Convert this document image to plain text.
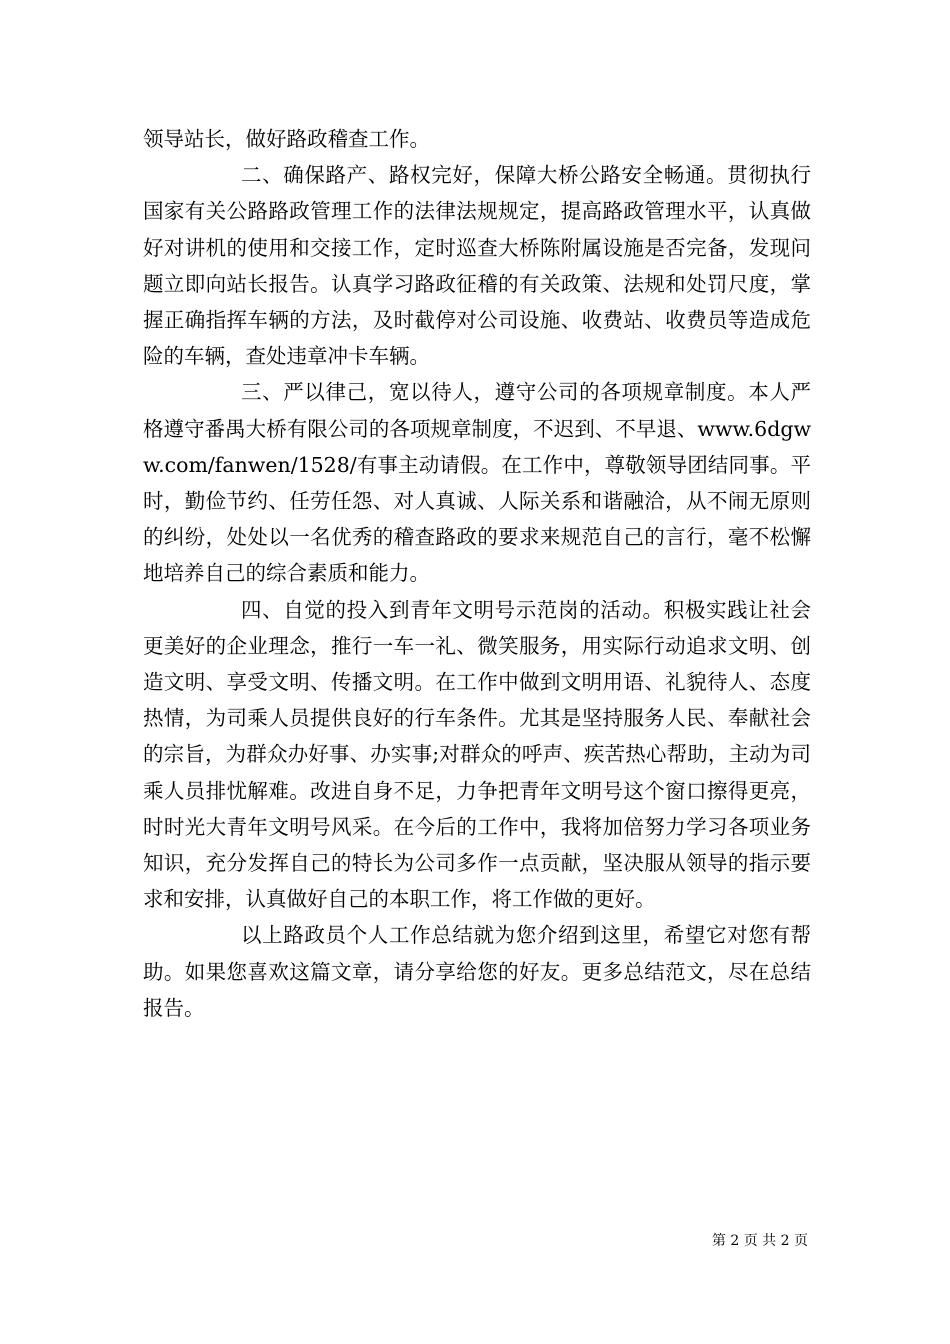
领导站长，做好路政稽查工作。

二、确保路产、路权完好，保障大桥公路安全畅通。贯彻执行国家有关公路路政管理工作的法律法规规定，提高路政管理水平，认真做好对讲机的使用和交接工作，定时巡查大桥陈附属设施是否完备，发现问题立即向站长报告。认真学习路政征稽的有关政策、法规和处罚尺度，掌握正确指挥车辆的方法，及时截停对公司设施、收费站、收费员等造成危险的车辆，查处违章冲卡车辆。

三、严以律己，宽以待人，遵守公司的各项规章制度。本人严格遵守番禺大桥有限公司的各项规章制度，不迟到、不早退、www.6dgww.com/fanwen/1528/有事主动请假。在工作中，尊敬领导团结同事。平时，勤俭节约、任劳任怨、对人真诚、人际关系和谐融洽，从不闹无原则的纠纷，处处以一名优秀的稽查路政的要求来规范自己的言行，毫不松懈地培养自己的综合素质和能力。

四、自觉的投入到青年文明号示范岗的活动。积极实践让社会更美好的企业理念，推行一车一礼、微笑服务，用实际行动追求文明、创造文明、享受文明、传播文明。在工作中做到文明用语、礼貌待人、态度热情，为司乘人员提供良好的行车条件。尤其是坚持服务人民、奉献社会的宗旨，为群众办好事、办实事;对群众的呼声、疾苦热心帮助，主动为司乘人员排忧解难。改进自身不足，力争把青年文明号这个窗口擦得更亮，时时光大青年文明号风采。在今后的工作中，我将加倍努力学习各项业务知识，充分发挥自己的特长为公司多作一点贡献，坚决服从领导的指示要求和安排，认真做好自己的本职工作，将工作做的更好。

以上路政员个人工作总结就为您介绍到这里，希望它对您有帮助。如果您喜欢这篇文章，请分享给您的好友。更多总结范文，尽在总结报告。

第 2 页 共 2 页
